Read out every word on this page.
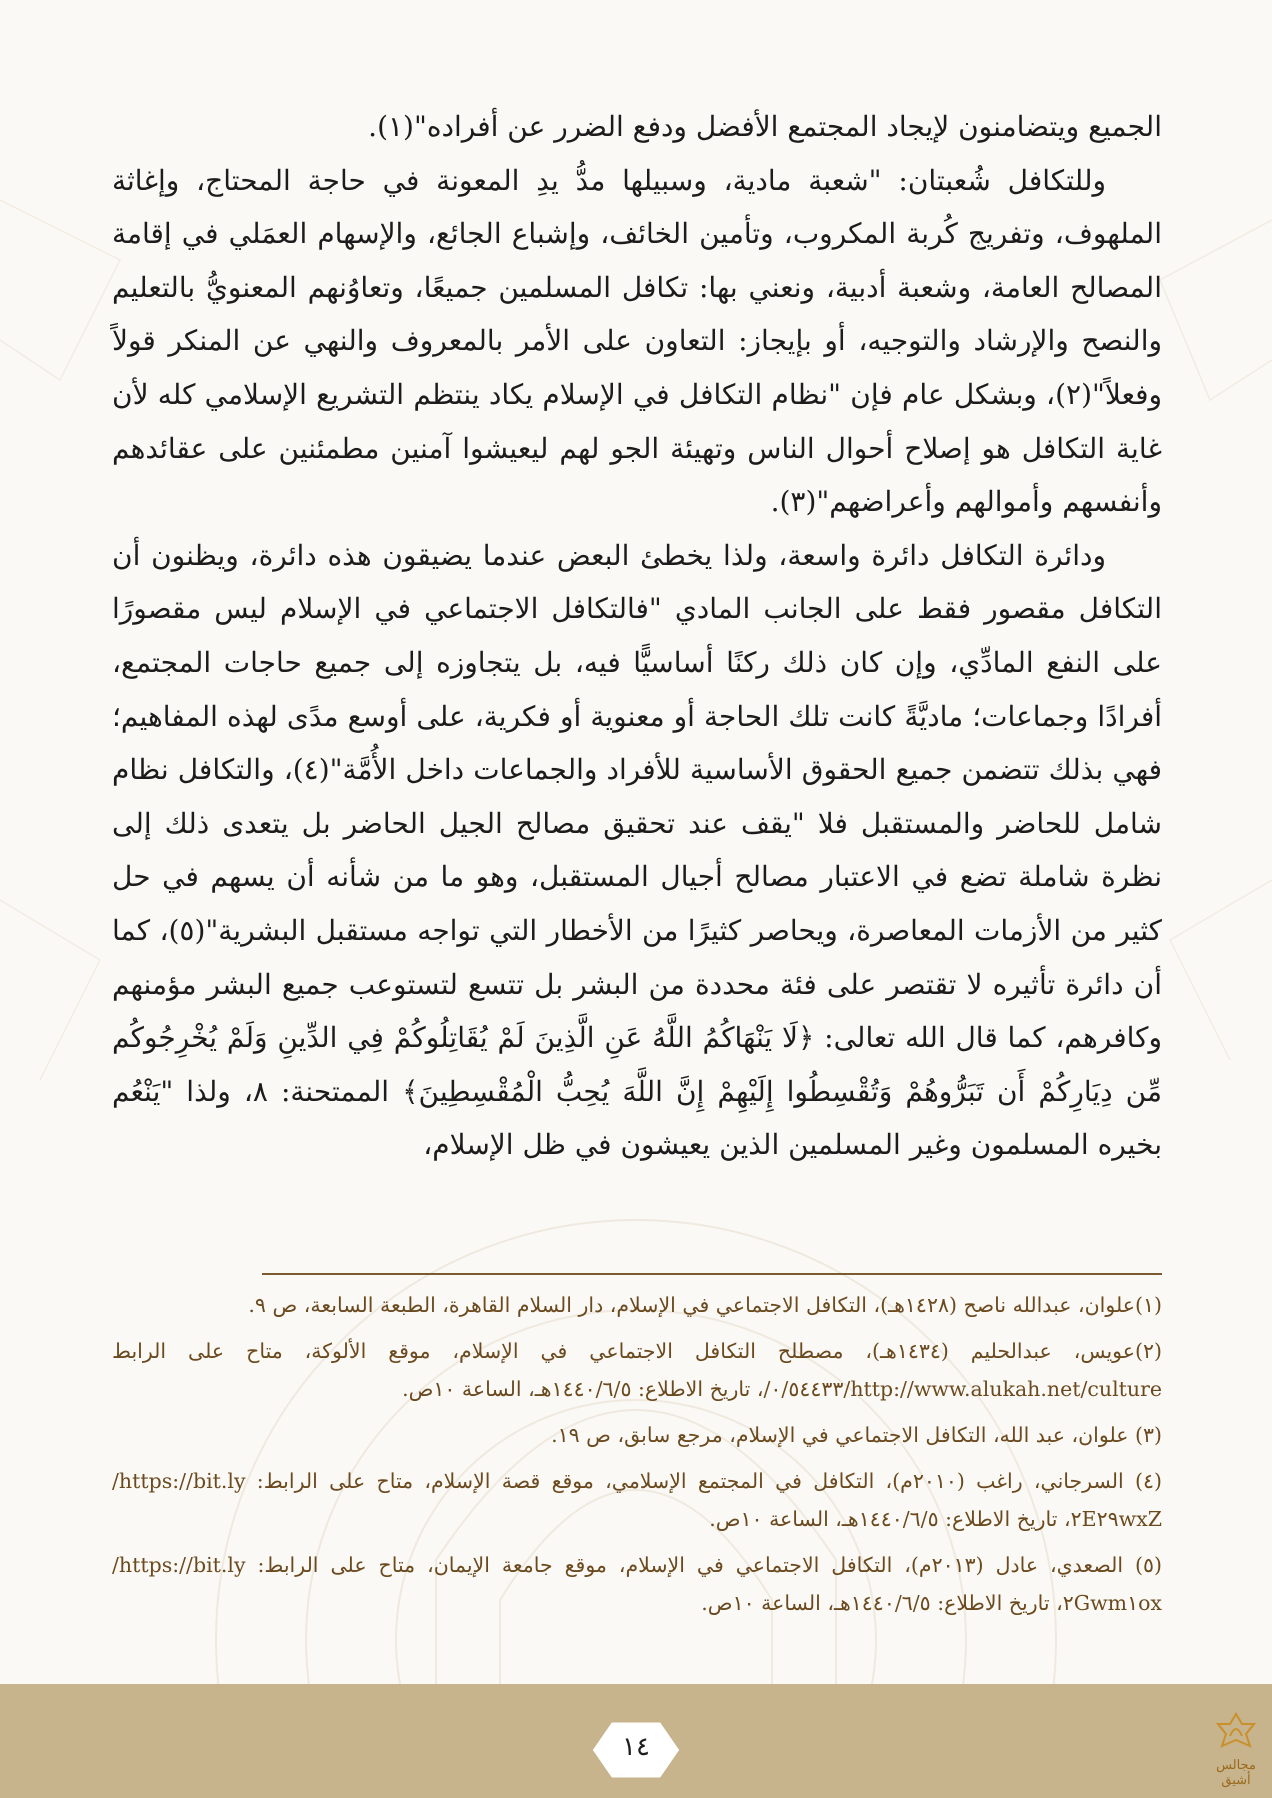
الجميع ويتضامنون لإيجاد المجتمع الأفضل ودفع الضرر عن أفراده"(١).

وللتكافل شُعبتان: "شعبة مادية، وسبيلها مدُّ يدِ المعونة في حاجة المحتاج، وإغاثة الملهوف، وتفريج كُربة المكروب، وتأمين الخائف، وإشباع الجائع، والإسهام العمَلي في إقامة المصالح العامة، وشعبة أدبية، ونعني بها: تكافل المسلمين جميعًا، وتعاوُنهم المعنويُّ بالتعليم والنصح والإرشاد والتوجيه، أو بإيجاز: التعاون على الأمر بالمعروف والنهي عن المنكر قولاً وفعلاً"(٢)، وبشكل عام فإن "نظام التكافل في الإسلام يكاد ينتظم التشريع الإسلامي كله لأن غاية التكافل هو إصلاح أحوال الناس وتهيئة الجو لهم ليعيشوا آمنين مطمئنين على عقائدهم وأنفسهم وأموالهم وأعراضهم"(٣).

ودائرة التكافل دائرة واسعة، ولذا يخطئ البعض عندما يضيقون هذه دائرة، ويظنون أن التكافل مقصور فقط على الجانب المادي "فالتكافل الاجتماعي في الإسلام ليس مقصورًا على النفع المادِّي، وإن كان ذلك ركنًا أساسيًّا فيه، بل يتجاوزه إلى جميع حاجات المجتمع، أفرادًا وجماعات؛ ماديَّةً كانت تلك الحاجة أو معنوية أو فكرية، على أوسع مدًى لهذه المفاهيم؛ فهي بذلك تتضمن جميع الحقوق الأساسية للأفراد والجماعات داخل الأُمَّة"(٤)، والتكافل نظام شامل للحاضر والمستقبل فلا "يقف عند تحقيق مصالح الجيل الحاضر بل يتعدى ذلك إلى نظرة شاملة تضع في الاعتبار مصالح أجيال المستقبل، وهو ما من شأنه أن يسهم في حل كثير من الأزمات المعاصرة، ويحاصر كثيرًا من الأخطار التي تواجه مستقبل البشرية"(٥)، كما أن دائرة تأثيره لا تقتصر على فئة محددة من البشر بل تتسع لتستوعب جميع البشر مؤمنهم وكافرهم، كما قال الله تعالى: ﴿لَا يَنْهَاكُمُ اللَّهُ عَنِ الَّذِينَ لَمْ يُقَاتِلُوكُمْ فِي الدِّينِ وَلَمْ يُخْرِجُوكُم مِّن دِيَارِكُمْ أَن تَبَرُّوهُمْ وَتُقْسِطُوا إِلَيْهِمْ إِنَّ اللَّهَ يُحِبُّ الْمُقْسِطِينَ﴾ الممتحنة: ٨، ولذا "يَنْعُم بخيره المسلمون وغير المسلمين الذين يعيشون في ظل الإسلام،

(١)علوان، عبدالله ناصح (١٤٢٨هـ)، التكافل الاجتماعي في الإسلام، دار السلام القاهرة، الطبعة السابعة، ص ٩.

(٢)عويس، عبدالحليم (١٤٣٤هـ)، مصطلح التكافل الاجتماعي في الإسلام، موقع الألوكة، متاح على الرابط http://www.alukah.net/culture/٠/٥٤٤٣٣/، تاريخ الاطلاع: ١٤٤٠/٦/٥هـ، الساعة ١٠ص.

(٣) علوان، عبد الله، التكافل الاجتماعي في الإسلام، مرجع سابق، ص ١٩.

(٤) السرجاني، راغب (٢٠١٠م)، التكافل في المجتمع الإسلامي، موقع قصة الإسلام، متاح على الرابط: https://bit.ly/٢E٢٩wxZ، تاريخ الاطلاع: ١٤٤٠/٦/٥هـ، الساعة ١٠ص.

(٥) الصعدي، عادل (٢٠١٣م)، التكافل الاجتماعي في الإسلام، موقع جامعة الإيمان، متاح على الرابط: https://bit.ly/٢Gwm١ox، تاريخ الاطلاع: ١٤٤٠/٦/٥هـ، الساعة ١٠ص.

١٤
مجالس أشيق
